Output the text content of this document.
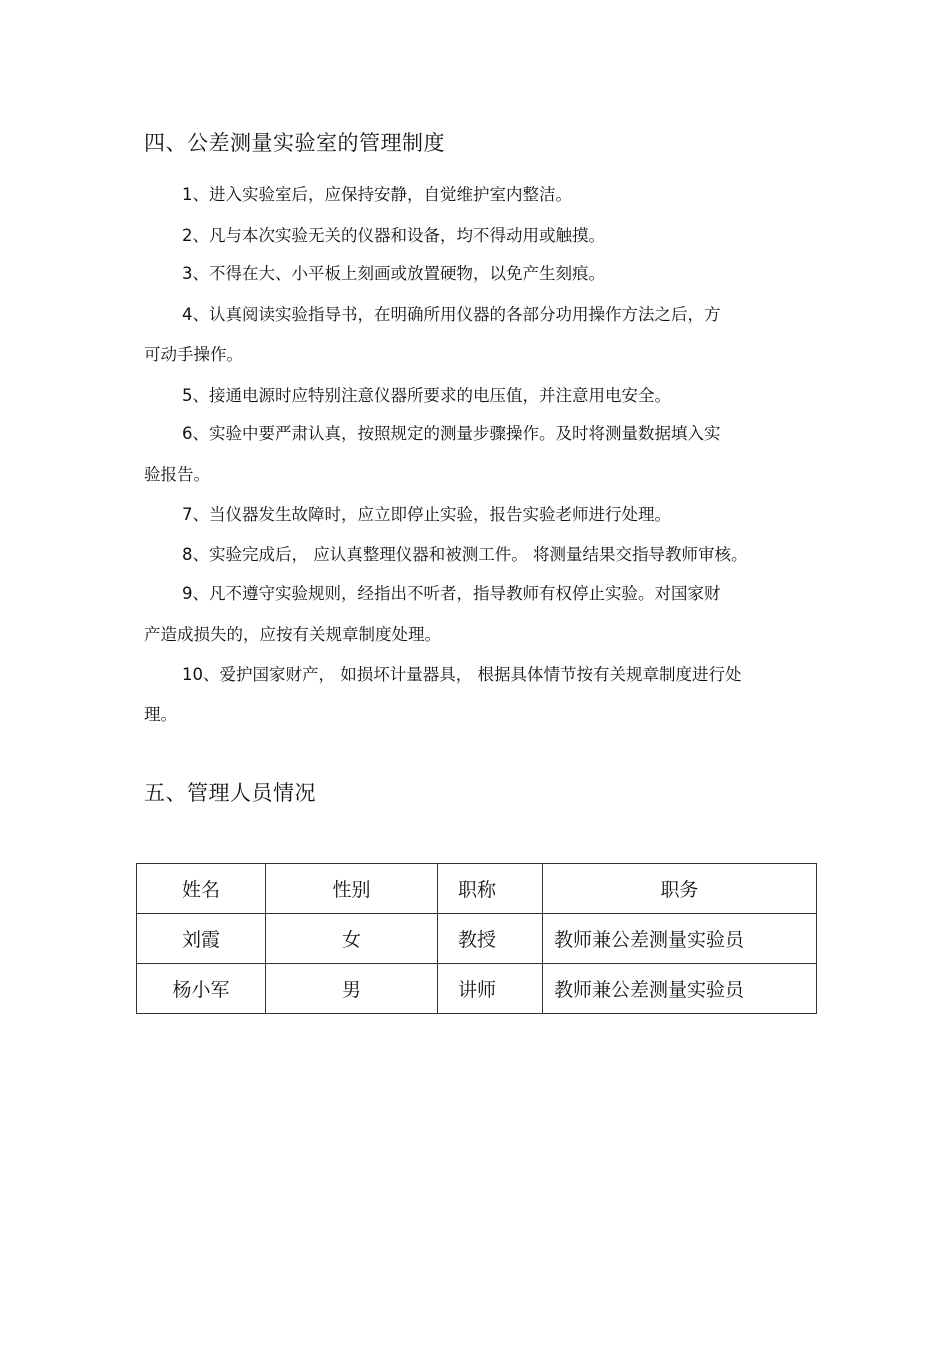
四、公差测量实验室的管理制度
1、进入实验室后，应保持安静，自觉维护室内整洁。
2、凡与本次实验无关的仪器和设备，均不得动用或触摸。
3、不得在大、小平板上刻画或放置硬物，以免产生刻痕。
4、认真阅读实验指导书，在明确所用仪器的各部分功用操作方法之后，方
可动手操作。
5、接通电源时应特别注意仪器所要求的电压值，并注意用电安全。
6、实验中要严肃认真，按照规定的测量步骤操作。及时将测量数据填入实
验报告。
7、当仪器发生故障时，应立即停止实验，报告实验老师进行处理。
8、实验完成后， 应认真整理仪器和被测工件。 将测量结果交指导教师审核。
9、凡不遵守实验规则，经指出不听者，指导教师有权停止实验。对国家财
产造成损失的，应按有关规章制度处理。
10、爱护国家财产， 如损坏计量器具， 根据具体情节按有关规章制度进行处
理。
五、管理人员情况
姓名	性别	职称	职务
刘霞	女	教授	教师兼公差测量实验员
杨小军	男	讲师	教师兼公差测量实验员
